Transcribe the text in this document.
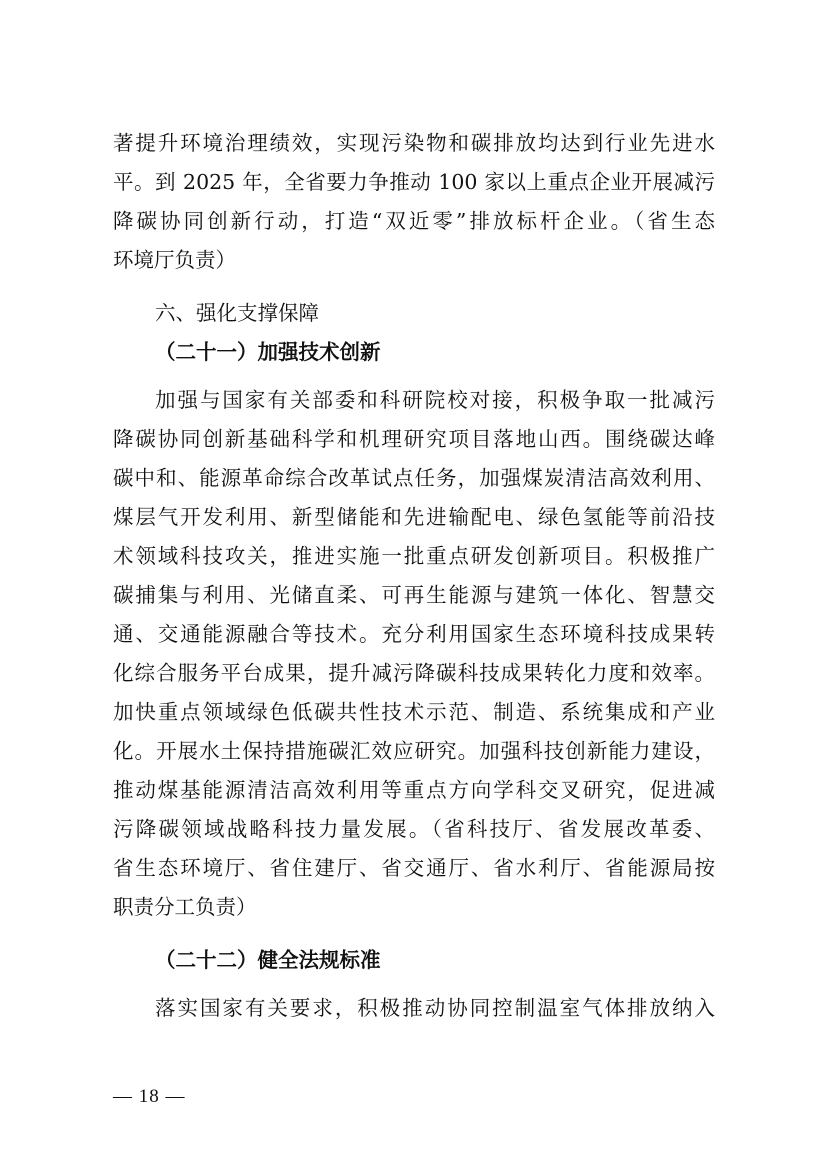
著提升环境治理绩效，实现污染物和碳排放均达到行业先进水
平。到 2025 年，全省要力争推动 100 家以上重点企业开展减污
降碳协同创新行动，打造“双近零”排放标杆企业。（省生态
环境厅负责）
六、强化支撑保障
（二十一）加强技术创新
加强与国家有关部委和科研院校对接，积极争取一批减污
降碳协同创新基础科学和机理研究项目落地山西。围绕碳达峰
碳中和、能源革命综合改革试点任务，加强煤炭清洁高效利用、
煤层气开发利用、新型储能和先进输配电、绿色氢能等前沿技
术领域科技攻关，推进实施一批重点研发创新项目。积极推广
碳捕集与利用、光储直柔、可再生能源与建筑一体化、智慧交
通、交通能源融合等技术。充分利用国家生态环境科技成果转
化综合服务平台成果，提升减污降碳科技成果转化力度和效率。
加快重点领域绿色低碳共性技术示范、制造、系统集成和产业
化。开展水土保持措施碳汇效应研究。加强科技创新能力建设，
推动煤基能源清洁高效利用等重点方向学科交叉研究，促进减
污降碳领域战略科技力量发展。（省科技厅、省发展改革委、
省生态环境厅、省住建厅、省交通厅、省水利厅、省能源局按
职责分工负责）
（二十二）健全法规标准
落实国家有关要求，积极推动协同控制温室气体排放纳入
— 18 —
